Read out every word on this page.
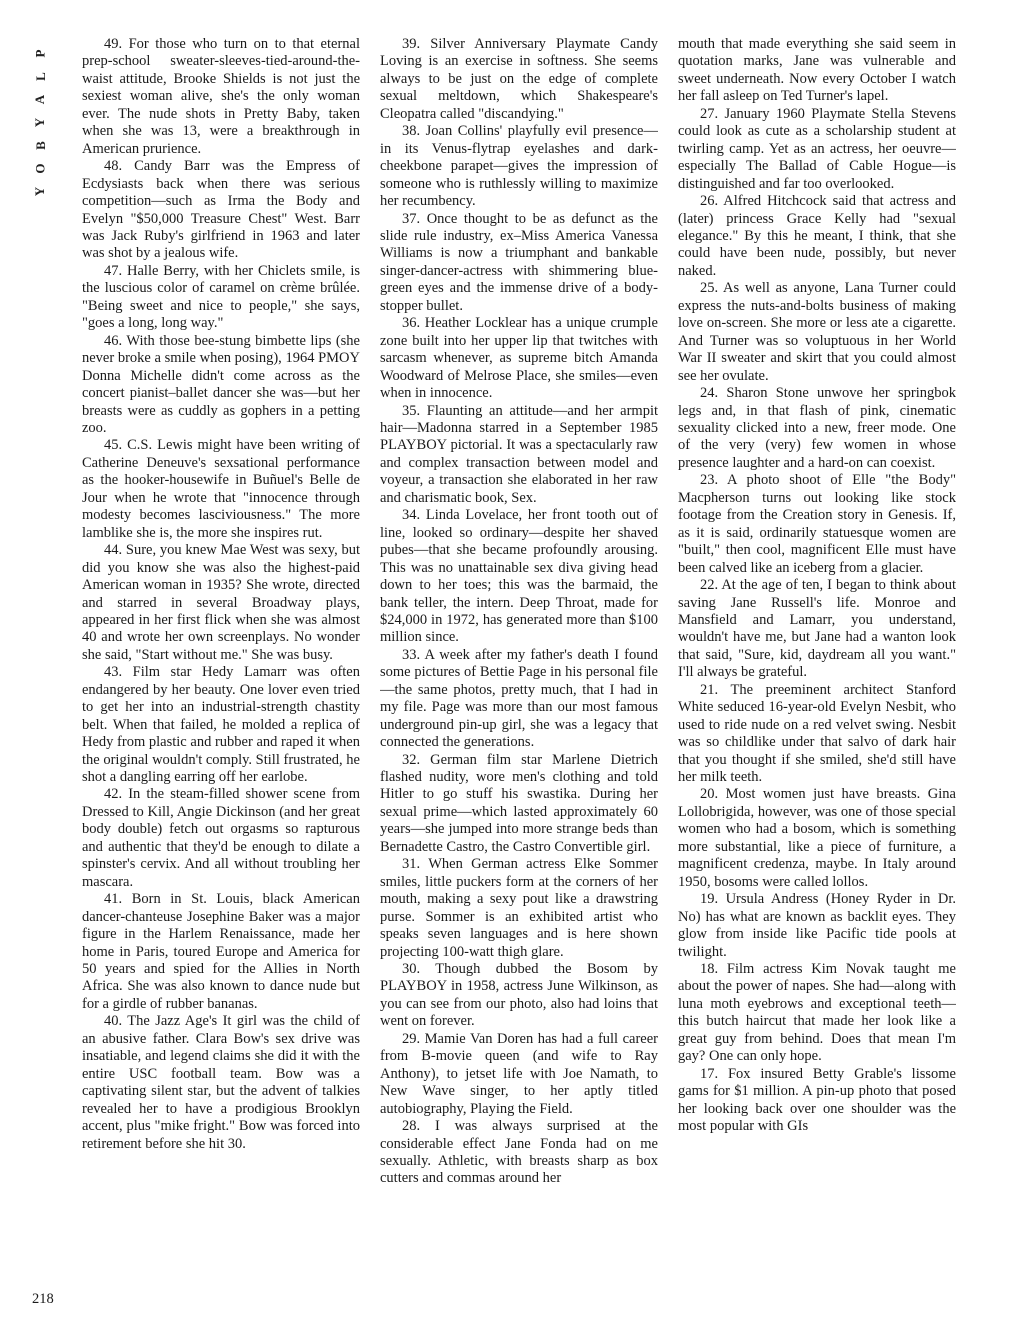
P
L
A
Y
B
O
Y

49. For those who turn on to that eternal prep-school sweater-sleeves-tied-around-the-waist attitude, Brooke Shields is not just the sexiest woman alive, she's the only woman ever. The nude shots in Pretty Baby, taken when she was 13, were a breakthrough in American prurience.

48. Candy Barr was the Empress of Ecdysiasts back when there was serious competition—such as Irma the Body and Evelyn "$50,000 Treasure Chest" West. Barr was Jack Ruby's girlfriend in 1963 and later was shot by a jealous wife.

47. Halle Berry, with her Chiclets smile, is the luscious color of caramel on crème brûlée. "Being sweet and nice to people," she says, "goes a long, long way."

46. With those bee-stung bimbette lips (she never broke a smile when posing), 1964 PMOY Donna Michelle didn't come across as the concert pianist–ballet dancer she was—but her breasts were as cuddly as gophers in a petting zoo.

45. C.S. Lewis might have been writing of Catherine Deneuve's sexsational performance as the hooker-housewife in Buñuel's Belle de Jour when he wrote that "innocence through modesty becomes lasciviousness." The more lamblike she is, the more she inspires rut.

44. Sure, you knew Mae West was sexy, but did you know she was also the highest-paid American woman in 1935? She wrote, directed and starred in several Broadway plays, appeared in her first flick when she was almost 40 and wrote her own screenplays. No wonder she said, "Start without me." She was busy.

43. Film star Hedy Lamarr was often endangered by her beauty. One lover even tried to get her into an industrial-strength chastity belt. When that failed, he molded a replica of Hedy from plastic and rubber and raped it when the original wouldn't comply. Still frustrated, he shot a dangling earring off her earlobe.

42. In the steam-filled shower scene from Dressed to Kill, Angie Dickinson (and her great body double) fetch out orgasms so rapturous and authentic that they'd be enough to dilate a spinster's cervix. And all without troubling her mascara.

41. Born in St. Louis, black American dancer-chanteuse Josephine Baker was a major figure in the Harlem Renaissance, made her home in Paris, toured Europe and America for 50 years and spied for the Allies in North Africa. She was also known to dance nude but for a girdle of rubber bananas.

40. The Jazz Age's It girl was the child of an abusive father. Clara Bow's sex drive was insatiable, and legend claims she did it with the entire USC football team. Bow was a captivating silent star, but the advent of talkies revealed her to have a prodigious Brooklyn accent, plus "mike fright." Bow was forced into retirement before she hit 30.

39. Silver Anniversary Playmate Candy Loving is an exercise in softness. She seems always to be just on the edge of complete sexual meltdown, which Shakespeare's Cleopatra called "discandying."

38. Joan Collins' playfully evil presence—in its Venus-flytrap eyelashes and dark-cheekbone parapet—gives the impression of someone who is ruthlessly willing to maximize her recumbency.

37. Once thought to be as defunct as the slide rule industry, ex–Miss America Vanessa Williams is now a triumphant and bankable singer-dancer-actress with shimmering blue-green eyes and the immense drive of a body-stopper bullet.

36. Heather Locklear has a unique crumple zone built into her upper lip that twitches with sarcasm whenever, as supreme bitch Amanda Woodward of Melrose Place, she smiles—even when in innocence.

35. Flaunting an attitude—and her armpit hair—Madonna starred in a September 1985 PLAYBOY pictorial. It was a spectacularly raw and complex transaction between model and voyeur, a transaction she elaborated in her raw and charismatic book, Sex.

34. Linda Lovelace, her front tooth out of line, looked so ordinary—despite her shaved pubes—that she became profoundly arousing. This was no unattainable sex diva giving head down to her toes; this was the barmaid, the bank teller, the intern. Deep Throat, made for $24,000 in 1972, has generated more than $100 million since.

33. A week after my father's death I found some pictures of Bettie Page in his personal file—the same photos, pretty much, that I had in my file. Page was more than our most famous underground pin-up girl, she was a legacy that connected the generations.

32. German film star Marlene Dietrich flashed nudity, wore men's clothing and told Hitler to go stuff his swastika. During her sexual prime—which lasted approximately 60 years—she jumped into more strange beds than Bernadette Castro, the Castro Convertible girl.

31. When German actress Elke Sommer smiles, little puckers form at the corners of her mouth, making a sexy pout like a drawstring purse. Sommer is an exhibited artist who speaks seven languages and is here shown projecting 100-watt thigh glare.

30. Though dubbed the Bosom by PLAYBOY in 1958, actress June Wilkinson, as you can see from our photo, also had loins that went on forever.

29. Mamie Van Doren has had a full career from B-movie queen (and wife to Ray Anthony), to jetset life with Joe Namath, to New Wave singer, to her aptly titled autobiography, Playing the Field.

28. I was always surprised at the considerable effect Jane Fonda had on me sexually. Athletic, with breasts sharp as box cutters and commas around her

mouth that made everything she said seem in quotation marks, Jane was vulnerable and sweet underneath. Now every October I watch her fall asleep on Ted Turner's lapel.

27. January 1960 Playmate Stella Stevens could look as cute as a scholarship student at twirling camp. Yet as an actress, her oeuvre—especially The Ballad of Cable Hogue—is distinguished and far too overlooked.

26. Alfred Hitchcock said that actress and (later) princess Grace Kelly had "sexual elegance." By this he meant, I think, that she could have been nude, possibly, but never naked.

25. As well as anyone, Lana Turner could express the nuts-and-bolts business of making love on-screen. She more or less ate a cigarette. And Turner was so voluptuous in her World War II sweater and skirt that you could almost see her ovulate.

24. Sharon Stone unwove her springbok legs and, in that flash of pink, cinematic sexuality clicked into a new, freer mode. One of the very (very) few women in whose presence laughter and a hard-on can coexist.

23. A photo shoot of Elle "the Body" Macpherson turns out looking like stock footage from the Creation story in Genesis. If, as it is said, ordinarily statuesque women are "built," then cool, magnificent Elle must have been calved like an iceberg from a glacier.

22. At the age of ten, I began to think about saving Jane Russell's life. Monroe and Mansfield and Lamarr, you understand, wouldn't have me, but Jane had a wanton look that said, "Sure, kid, daydream all you want." I'll always be grateful.

21. The preeminent architect Stanford White seduced 16-year-old Evelyn Nesbit, who used to ride nude on a red velvet swing. Nesbit was so childlike under that salvo of dark hair that you thought if she smiled, she'd still have her milk teeth.

20. Most women just have breasts. Gina Lollobrigida, however, was one of those special women who had a bosom, which is something more substantial, like a piece of furniture, a magnificent credenza, maybe. In Italy around 1950, bosoms were called lollos.

19. Ursula Andress (Honey Ryder in Dr. No) has what are known as backlit eyes. They glow from inside like Pacific tide pools at twilight.

18. Film actress Kim Novak taught me about the power of napes. She had—along with luna moth eyebrows and exceptional teeth—this butch haircut that made her look like a great guy from behind. Does that mean I'm gay? One can only hope.

17. Fox insured Betty Grable's lissome gams for $1 million. A pin-up photo that posed her looking back over one shoulder was the most popular with GIs

218
